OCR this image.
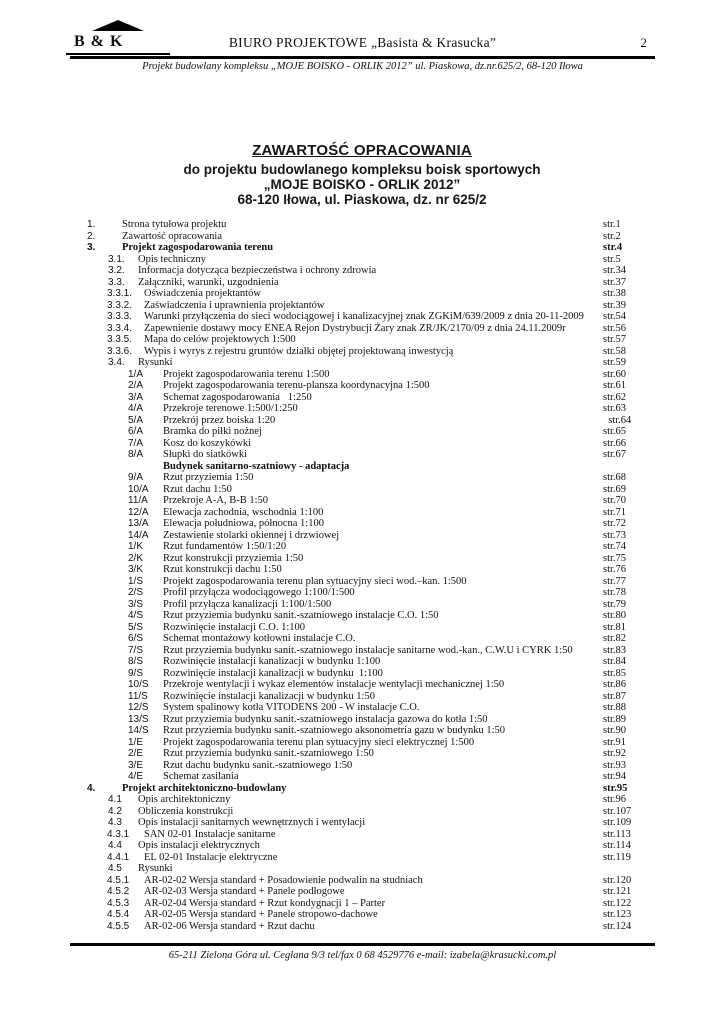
B & K	BIURO PROJEKTOWE „Basista & Krasucka”	2
Projekt budowlany kompleksu „MOJE BOISKO - ORLIK 2012” ul. Piaskowa, dz.nr.625/2, 68-120 Iłowa
ZAWARTOŚĆ OPRACOWANIA
do projektu budowlanego kompleksu boisk sportowych
„MOJE BOISKO - ORLIK 2012”
68-120 Iłowa, ul. Piaskowa, dz. nr 625/2
1.	Strona tytułowa projektu	str.1
2.	Zawartość opracowania	str.2
3.	Projekt zagospodarowania terenu	str.4
3.1. Opis techniczny	str.5
3.2. Informacja dotycząca bezpieczeństwa i ochrony zdrowia	str.34
3.3. Załączniki, warunki, uzgodnienia	str.37
3.3.1. Oświadczenia projektantów	str.38
3.3.2. Zaświadczenia i uprawnienia projektantów	str.39
3.3.3. Warunki przyłączenia do sieci wodociągowej i kanalizacyjnej znak ZGKiM/639/2009 z dnia 20-11-2009 str.54
3.3.4. Zapewnienie dostawy mocy ENEA Rejon Dystrybucji Żary znak ZR/JK/2170/09 z dnia 24.11.2009r	str.56
3.3.5. Mapa do celów projektowych 1:500	str.57
3.3.6. Wypis i wyrys z rejestru gruntów działki objętej projektowaną inwestycją	str.58
3.4. Rysunki	str.59
1/A Projekt zagospodarowania terenu 1:500	str.60
2/A Projekt zagospodarowania terenu-plansza koordynacyjna 1:500	str.61
3/A Schemat zagospodarowania   1:250	str.62
4/A Przekroje terenowe 1:500/1:250	str.63
5/A Przekrój przez boiska 1:20	str.64
6/A Bramka do piłki nożnej	str.65
7/A Kosz do koszykówki	str.66
8/A Słupki do siatkówki	str.67
Budynek sanitarno-szatniowy - adaptacja
9/A Rzut przyziemia 1:50	str.68
10/A Rzut dachu 1:50	str.69
11/A Przekroje A-A, B-B 1:50	str.70
12/A Elewacja zachodnia, wschodnia 1:100	str.71
13/A Elewacja południowa, północna 1:100	str.72
14/A Zestawienie stolarki okiennej i drzwiowej	str.73
1/K Rzut fundamentów 1:50/1:20	str.74
2/K Rzut konstrukcji przyziemia 1:50	str.75
3/K Rzut konstrukcji dachu 1:50	str.76
1/S Projekt zagospodarowania terenu plan sytuacyjny sieci wod.–kan. 1:500	str.77
2/S Profil przyłącza wodociągowego 1:100/1:500	str.78
3/S Profil przyłącza kanalizacji 1:100/1:500	str.79
4/S Rzut przyziemia budynku sanit.-szatniowego instalacje C.O. 1:50	str.80
5/S Rozwinięcie instalacji C.O. 1:100	str.81
6/S Schemat montażowy kotłowni instalacje C.O.	str.82
7/S Rzut przyziemia budynku sanit.-szatniowego instalacje sanitarne wod.-kan., C.W.U i CYRK 1:50	str.83
8/S Rozwinięcie instalacji kanalizacji w budynku 1:100	str.84
9/S Rozwinięcie instalacji kanalizacji w budynku  1:100	str.85
10/S Przekroje wentylacji i wykaz elementów instalacje wentylacji mechanicznej 1:50	str.86
11/S Rozwinięcie instalacji kanalizacji w budynku 1:50	str.87
12/S System spalinowy kotła VITODENS 200 - W instalacje C.O.	str.88
13/S Rzut przyziemia budynku sanit.-szatniowego instalacja gazowa do kotła 1:50	str.89
14/S Rzut przyziemia budynku sanit.-szatniowego aksonometria gazu w budynku 1:50	str.90
1/E Projekt zagospodarowania terenu plan sytuacyjny sieci elektrycznej 1:500	str.91
2/E Rzut przyziemia budynku sanit.-szatniowego 1:50	str.92
3/E Rzut dachu budynku sanit.-szatniowego 1:50	str.93
4/E Schemat zasilania	str.94
4.	Projekt architektoniczno-budowlany	str.95
4.1 Opis architektoniczny	str.96
4.2 Obliczenia konstrukcji	str.107
4.3 Opis instalacji sanitarnych wewnętrznych i wentylacji	str.109
4.3.1 SAN 02-01 Instalacje sanitarne	str.113
4.4 Opis instalacji elektrycznych	str.114
4.4.1 EL 02-01 Instalacje elektryczne	str.119
4.5 Rysunki
4.5.1 AR-02-02 Wersja standard + Posadowienie podwalin na studniach	str.120
4.5.2 AR-02-03 Wersja standard + Panele podłogowe	str.121
4.5.3 AR-02-04 Wersja standard + Rzut kondygnacji 1 – Parter	str.122
4.5.4 AR-02-05 Wersja standard + Panele stropowo-dachowe	str.123
4.5.5 AR-02-06 Wersja standard + Rzut dachu	str.124
65-211 Zielona Góra ul. Ceglana 9/3 tel/fax 0 68 4529776 e-mail: izabela@krasucki.com.pl
